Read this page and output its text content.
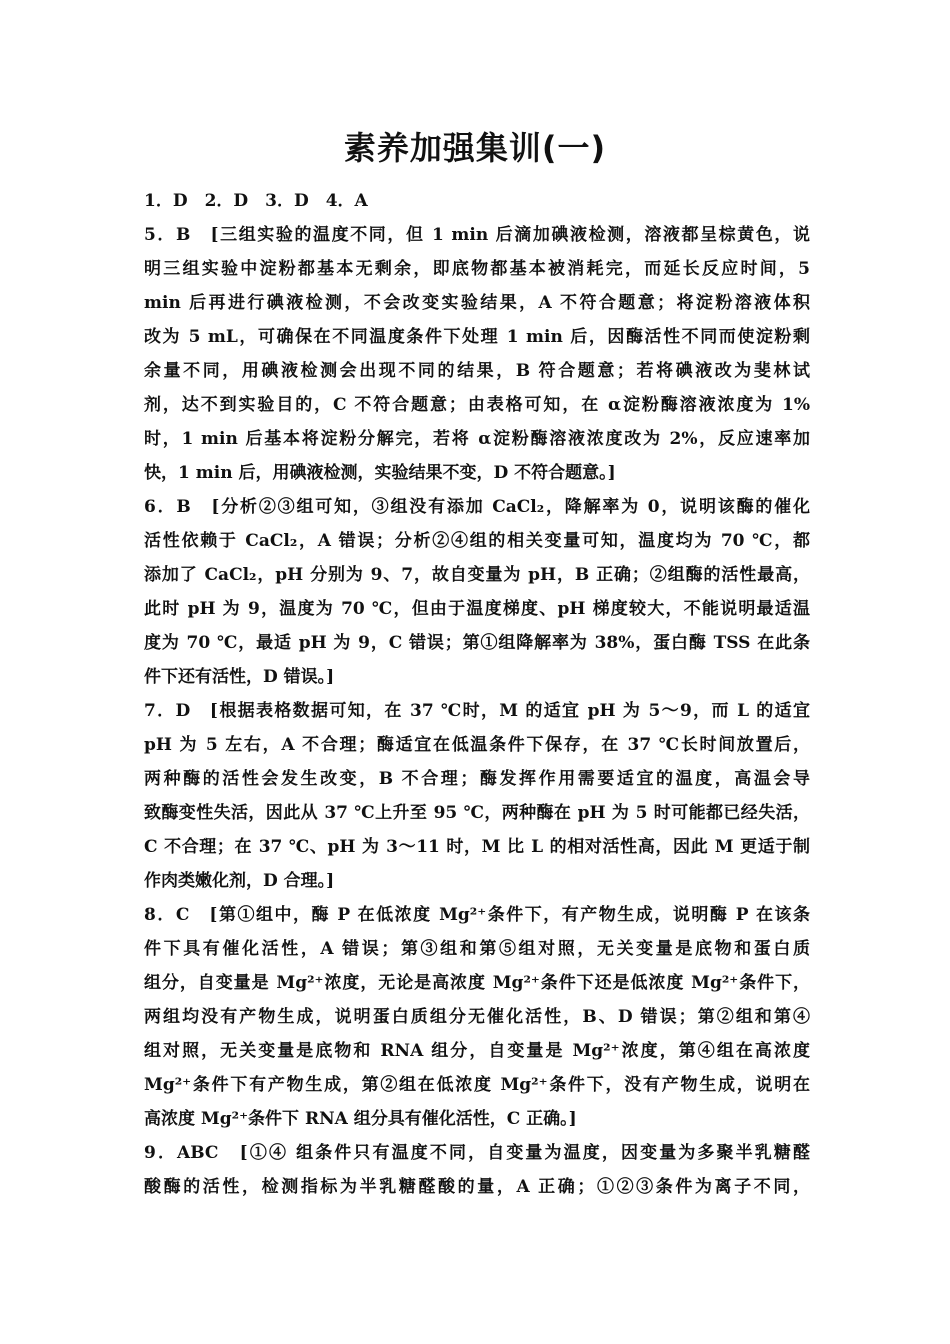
素养加强集训(一)
1．D　2．D　3．D　4．A
5．B　[三组实验的温度不同，但 1 min 后滴加碘液检测，溶液都呈棕黄色，说
明三组实验中淀粉都基本无剩余，即底物都基本被消耗完，而延长反应时间，5
min 后再进行碘液检测，不会改变实验结果，A 不符合题意；将淀粉溶液体积
改为 5 mL，可确保在不同温度条件下处理 1 min 后，因酶活性不同而使淀粉剩
余量不同，用碘液检测会出现不同的结果，B 符合题意；若将碘液改为斐林试
剂，达不到实验目的，C 不符合题意；由表格可知，在 α淀粉酶溶液浓度为 1%
时，1 min 后基本将淀粉分解完，若将 α淀粉酶溶液浓度改为 2%，反应速率加
快，1 min 后，用碘液检测，实验结果不变，D 不符合题意。]
6．B　[分析②③组可知，③组没有添加 CaCl₂，降解率为 0，说明该酶的催化
活性依赖于 CaCl₂，A 错误；分析②④组的相关变量可知，温度均为 70 ℃，都
添加了 CaCl₂，pH 分别为 9、7，故自变量为 pH，B 正确；②组酶的活性最高，
此时 pH 为 9，温度为 70 ℃，但由于温度梯度、pH 梯度较大，不能说明最适温
度为 70 ℃，最适 pH 为 9，C 错误；第①组降解率为 38%，蛋白酶 TSS 在此条
件下还有活性，D 错误。]
7．D　[根据表格数据可知，在 37 ℃时，M 的适宜 pH 为 5～9，而 L 的适宜
pH 为 5 左右，A 不合理；酶适宜在低温条件下保存，在 37 ℃长时间放置后，
两种酶的活性会发生改变，B 不合理；酶发挥作用需要适宜的温度，高温会导
致酶变性失活，因此从 37 ℃上升至 95 ℃，两种酶在 pH 为 5 时可能都已经失活，
C 不合理；在 37 ℃、pH 为 3～11 时，M 比 L 的相对活性高，因此 M 更适于制
作肉类嫩化剂，D 合理。]
8．C　[第①组中，酶 P 在低浓度 Mg²⁺条件下，有产物生成，说明酶 P 在该条
件下具有催化活性，A 错误；第③组和第⑤组对照，无关变量是底物和蛋白质
组分，自变量是 Mg²⁺浓度，无论是高浓度 Mg²⁺条件下还是低浓度 Mg²⁺条件下，
两组均没有产物生成，说明蛋白质组分无催化活性，B、D 错误；第②组和第④
组对照，无关变量是底物和 RNA 组分，自变量是 Mg²⁺浓度，第④组在高浓度
Mg²⁺条件下有产物生成，第②组在低浓度 Mg²⁺条件下，没有产物生成，说明在
高浓度 Mg²⁺条件下 RNA 组分具有催化活性，C 正确。]
9．ABC　[①④ 组条件只有温度不同，自变量为温度，因变量为多聚半乳糖醛
酸酶的活性，检测指标为半乳糖醛酸的量，A 正确；①②③条件为离子不同，
